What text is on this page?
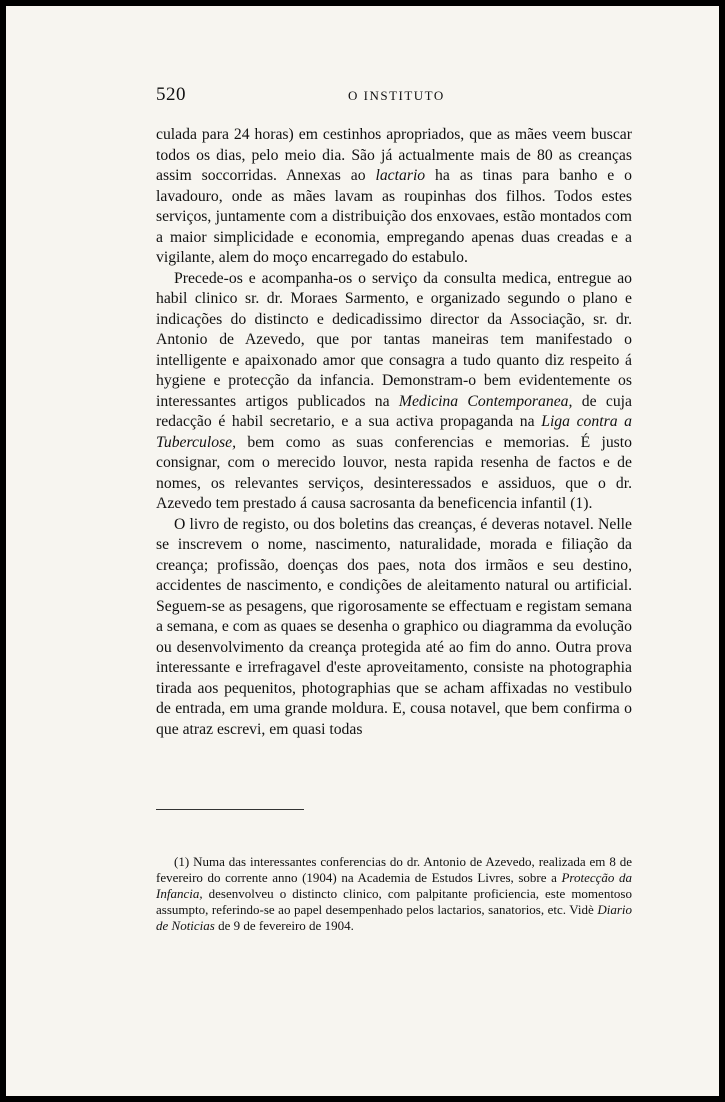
520	O INSTITUTO

culada para 24 horas) em cestinhos apropriados, que as mães veem buscar todos os dias, pelo meio dia. São já actualmente mais de 80 as creanças assim soccorridas. Annexas ao lactario ha as tinas para banho e o lavadouro, onde as mães lavam as roupinhas dos filhos. Todos estes serviços, juntamente com a distribuição dos enxovaes, estão montados com a maior simplicidade e economia, empregando apenas duas creadas e a vigilante, alem do moço encarregado do estabulo.

Precede-os e acompanha-os o serviço da consulta medica, entregue ao habil clinico sr. dr. Moraes Sarmento, e organizado segundo o plano e indicações do distincto e dedicadissimo director da Associação, sr. dr. Antonio de Azevedo, que por tantas maneiras tem manifestado o intelligente e apaixonado amor que consagra a tudo quanto diz respeito á hygiene e protecção da infancia. Demonstram-o bem evidentemente os interessantes artigos publicados na Medicina Contemporanea, de cuja redacção é habil secretario, e a sua activa propaganda na Liga contra a Tuberculose, bem como as suas conferencias e memorias. É justo consignar, com o merecido louvor, nesta rapida resenha de factos e de nomes, os relevantes serviços, desinteressados e assiduos, que o dr. Azevedo tem prestado á causa sacrosanta da beneficencia infantil (1).

O livro de registo, ou dos boletins das creanças, é deveras notavel. Nelle se inscrevem o nome, nascimento, naturalidade, morada e filiação da creança; profissão, doenças dos paes, nota dos irmãos e seu destino, accidentes de nascimento, e condições de aleitamento natural ou artificial. Seguem-se as pesagens, que rigorosamente se effectuam e registam semana a semana, e com as quaes se desenha o graphico ou diagramma da evolução ou desenvolvimento da creança protegida até ao fim do anno. Outra prova interessante e irrefragavel d'este aproveitamento, consiste na photographia tirada aos pequenitos, photographias que se acham affixadas no vestibulo de entrada, em uma grande moldura. E, cousa notavel, que bem confirma o que atraz escrevi, em quasi todas

(1) Numa das interessantes conferencias do dr. Antonio de Azevedo, realizada em 8 de fevereiro do corrente anno (1904) na Academia de Estudos Livres, sobre a Protecção da Infancia, desenvolveu o distincto clinico, com palpitante proficiencia, este momentoso assumpto, referindo-se ao papel desempenhado pelos lactarios, sanatorios, etc. Vidè Diario de Noticias de 9 de fevereiro de 1904.
